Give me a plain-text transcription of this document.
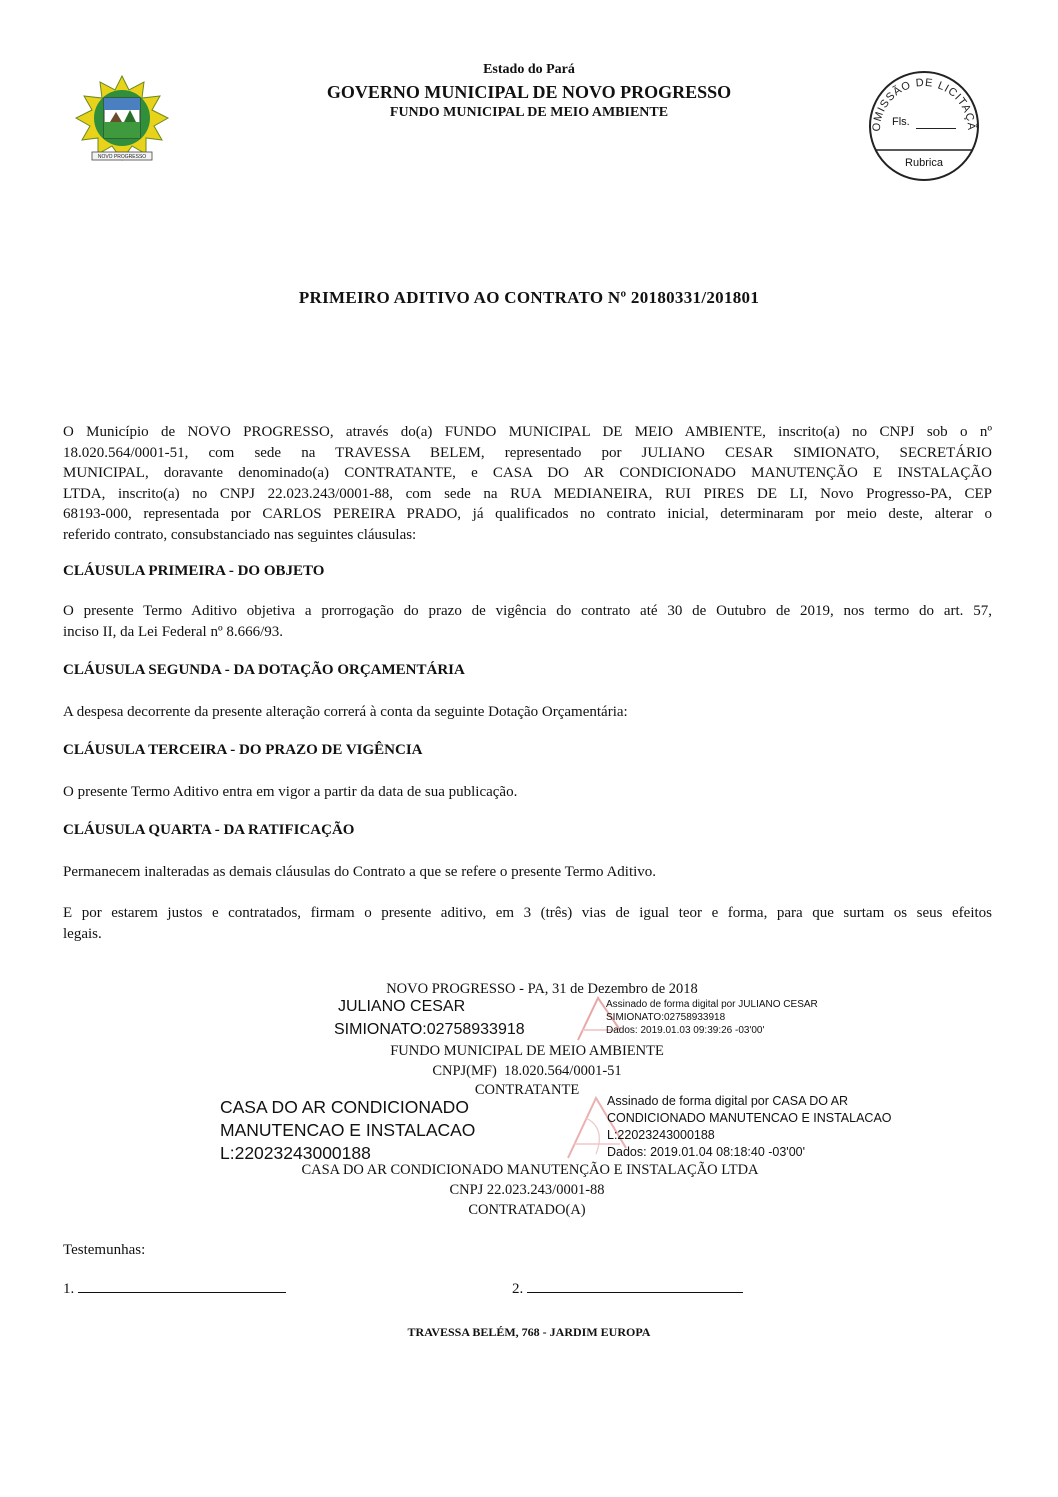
NOVO PROGRESSO
Estado do Pará
GOVERNO MUNICIPAL DE NOVO PROGRESSO
FUNDO MUNICIPAL DE MEIO AMBIENTE
OMISSÃO DE LICITAÇÃ
Fls.
Rubrica
PRIMEIRO ADITIVO AO CONTRATO Nº 20180331/201801
O Município de NOVO PROGRESSO, através do(a) FUNDO MUNICIPAL DE MEIO AMBIENTE, inscrito(a) no CNPJ sob o nº
18.020.564/0001-51, com sede na TRAVESSA BELEM, representado por JULIANO CESAR SIMIONATO, SECRETÁRIO
MUNICIPAL, doravante denominado(a) CONTRATANTE, e CASA DO AR CONDICIONADO MANUTENÇÃO E INSTALAÇÃO
LTDA, inscrito(a) no CNPJ 22.023.243/0001-88, com sede na RUA MEDIANEIRA, RUI PIRES DE LI, Novo Progresso-PA, CEP
68193-000, representada por CARLOS PEREIRA PRADO, já qualificados no contrato inicial, determinaram por meio deste, alterar o
referido contrato, consubstanciado nas seguintes cláusulas:
CLÁUSULA PRIMEIRA - DO OBJETO
O presente Termo Aditivo objetiva a prorrogação do prazo de vigência do contrato até 30 de Outubro de 2019, nos termo do art. 57,
inciso II, da Lei Federal nº 8.666/93.
CLÁUSULA SEGUNDA - DA DOTAÇÃO ORÇAMENTÁRIA
A despesa decorrente da presente alteração correrá à conta da seguinte Dotação Orçamentária:
CLÁUSULA TERCEIRA - DO PRAZO DE VIGÊNCIA
O presente Termo Aditivo entra em vigor a partir da data de sua publicação.
CLÁUSULA QUARTA - DA RATIFICAÇÃO
Permanecem inalteradas as demais cláusulas do Contrato a que se refere o presente Termo Aditivo.
E por estarem justos e contratados, firmam o presente aditivo, em 3 (três) vias de igual teor e forma, para que surtam os seus efeitos
legais.
NOVO PROGRESSO - PA, 31 de Dezembro de 2018
JULIANO CESAR
SIMIONATO:02758933918
Assinado de forma digital por JULIANO CESAR
SIMIONATO:02758933918
Dados: 2019.01.03 09:39:26 -03'00'
FUNDO MUNICIPAL DE MEIO AMBIENTE
CNPJ(MF)  18.020.564/0001-51
CONTRATANTE
CASA DO AR CONDICIONADO
MANUTENCAO E INSTALACAO
L:22023243000188
Assinado de forma digital por CASA DO AR
CONDICIONADO MANUTENCAO E INSTALACAO
L:22023243000188
Dados: 2019.01.04 08:18:40 -03'00'
CASA DO AR CONDICIONADO MANUTENÇÃO E INSTALAÇÃO LTDA
CNPJ 22.023.243/0001-88
CONTRATADO(A)
Testemunhas:
1.	2.
TRAVESSA BELÉM, 768 - JARDIM EUROPA
